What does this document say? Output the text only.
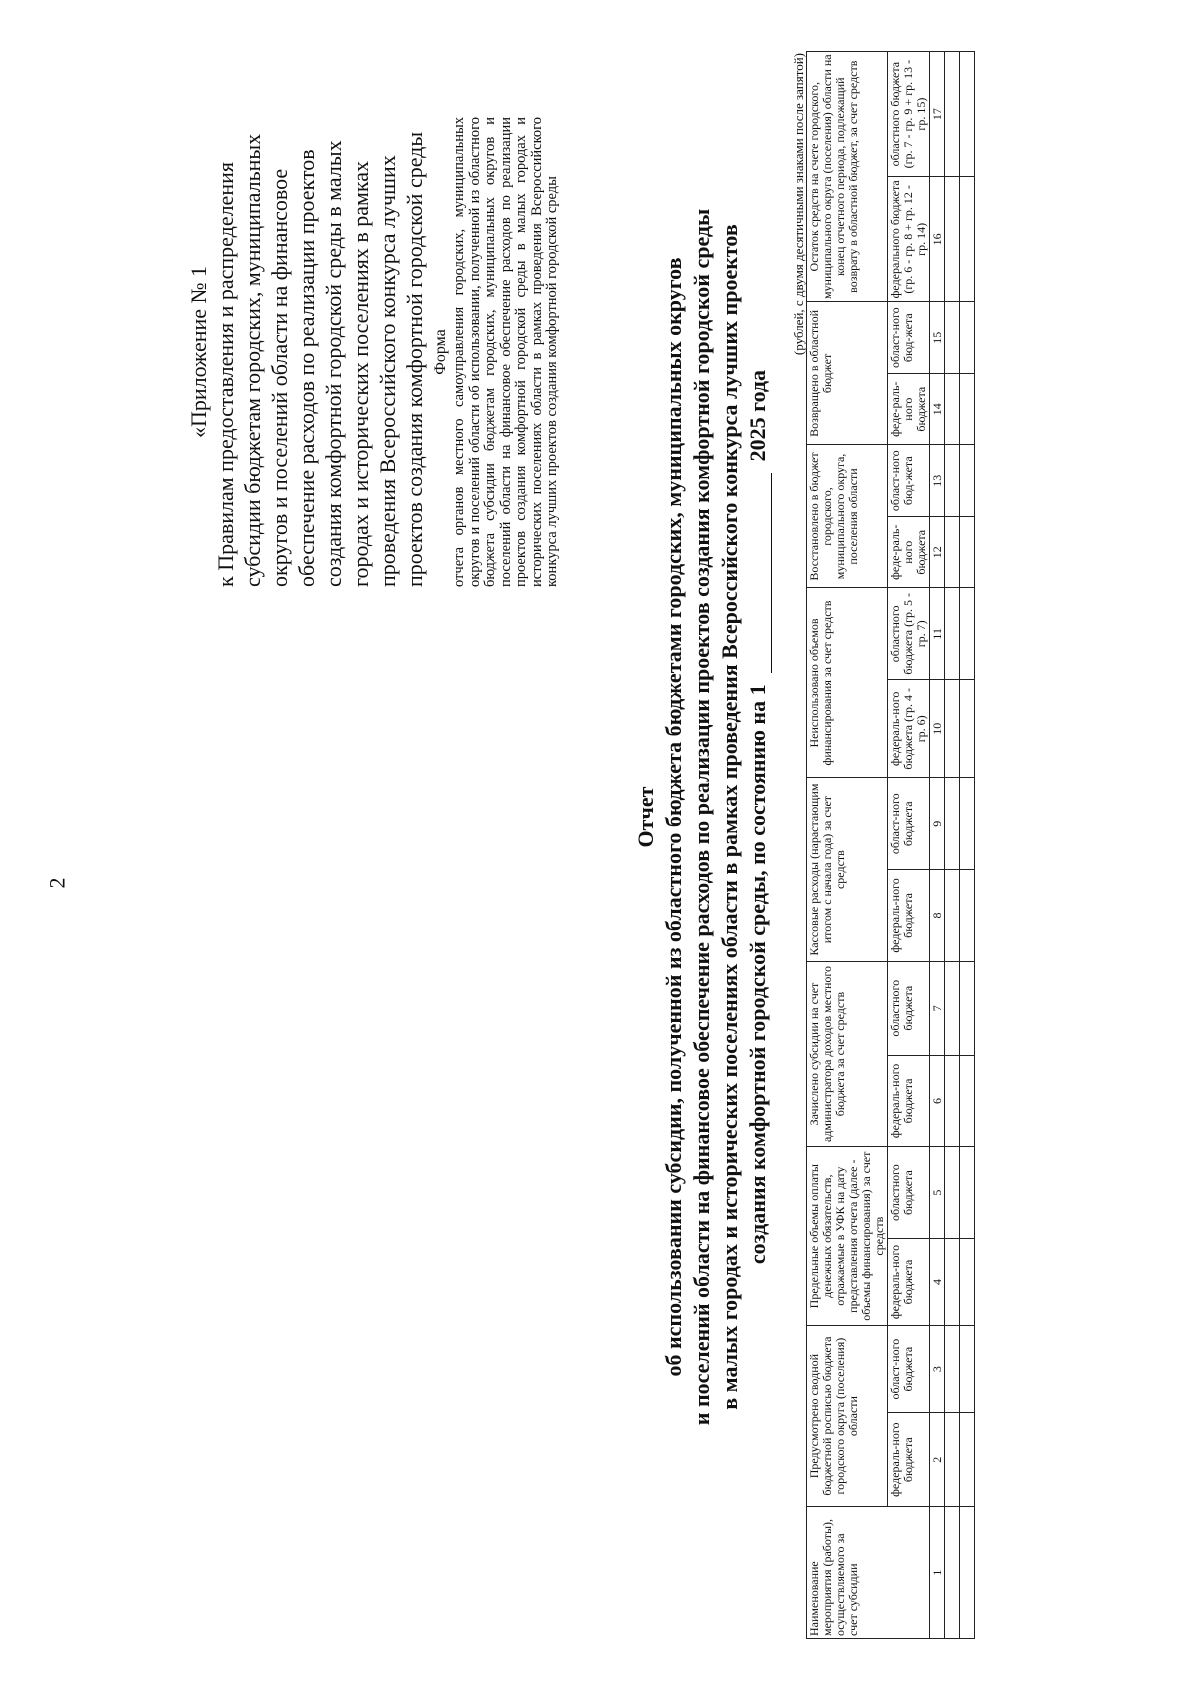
2
«Приложение № 1 к Правилам предоставления и распределения субсидии бюджетам городских, муниципальных округов и поселений области на финансовое обеспечение расходов по реализации проектов создания комфортной городской среды в малых городах и исторических поселениях в рамках проведения Всероссийского конкурса лучших проектов создания комфортной городской среды Форма отчета органов местного самоуправления городских, муниципальных округов и поселений области об использовании, полученной из областного бюджета субсидии бюджетам городских, муниципальных округов и поселений области на финансовое обеспечение расходов по реализации проектов создания комфортной городской среды в малых городах и исторических поселениях области в рамках проведения Всероссийского конкурса лучших проектов создания комфортной городской среды
Отчет об использовании субсидии, полученной из областного бюджета бюджетами городских, муниципальных округов и поселений области на финансовое обеспечение расходов по реализации проектов создания комфортной городской среды в малых городах и исторических поселениях области в рамках проведения Всероссийского конкурса лучших проектов создания комфортной городской среды, по состоянию на 1  2025 года
(рублей, с двумя десятичными знаками после запятой)
Наименование мероприятия (работы), осуществляемого за счет субсидии	Предусмотрено сводной бюджетной росписью бюджета городского округа (поселения) области		Предельные объемы оплаты денежных обязательств, отражаемые в УФК на дату представления отчета (далее - объемы финансирования) за счет средств		Зачислено субсидии на счет администратора доходов местного бюджета за счет средств		Кассовые расходы (нарастающим итогом с начала года) за счет средств		Неиспользовано объемов финансирования за счет средств		Восстановлено в бюджет городского, муниципального округа, поселения области		Возвращено в областной бюджет		Остаток средств на счете городского, муниципального округа (поселения) области на конец отчетного периода, подлежащий возврату в областной бюджет, за счет средств	
	федераль-ного бюджета	област-ного бюджета	федераль-ного бюджета	областного бюджета	федераль-ного бюджета	областного бюджета	федераль-ного бюджета	област-ного бюджета	федераль-ного бюджета (гр. 4 - гр. 6)	областного бюджета (гр. 5 - гр. 7)	феде-раль-ного бюджета	област-ного бюд-жета	феде-раль-ного бюджета	област-ного бюд-жета	федерального бюджета (гр. 6 - гр. 8 + гр. 12 - гр. 14)	областного бюджета (гр. 7 - гр. 9 + гр. 13 - гр. 15)
1	2	3	4	5	6	7	8	9	10	11	12	13	14	15	16	17
